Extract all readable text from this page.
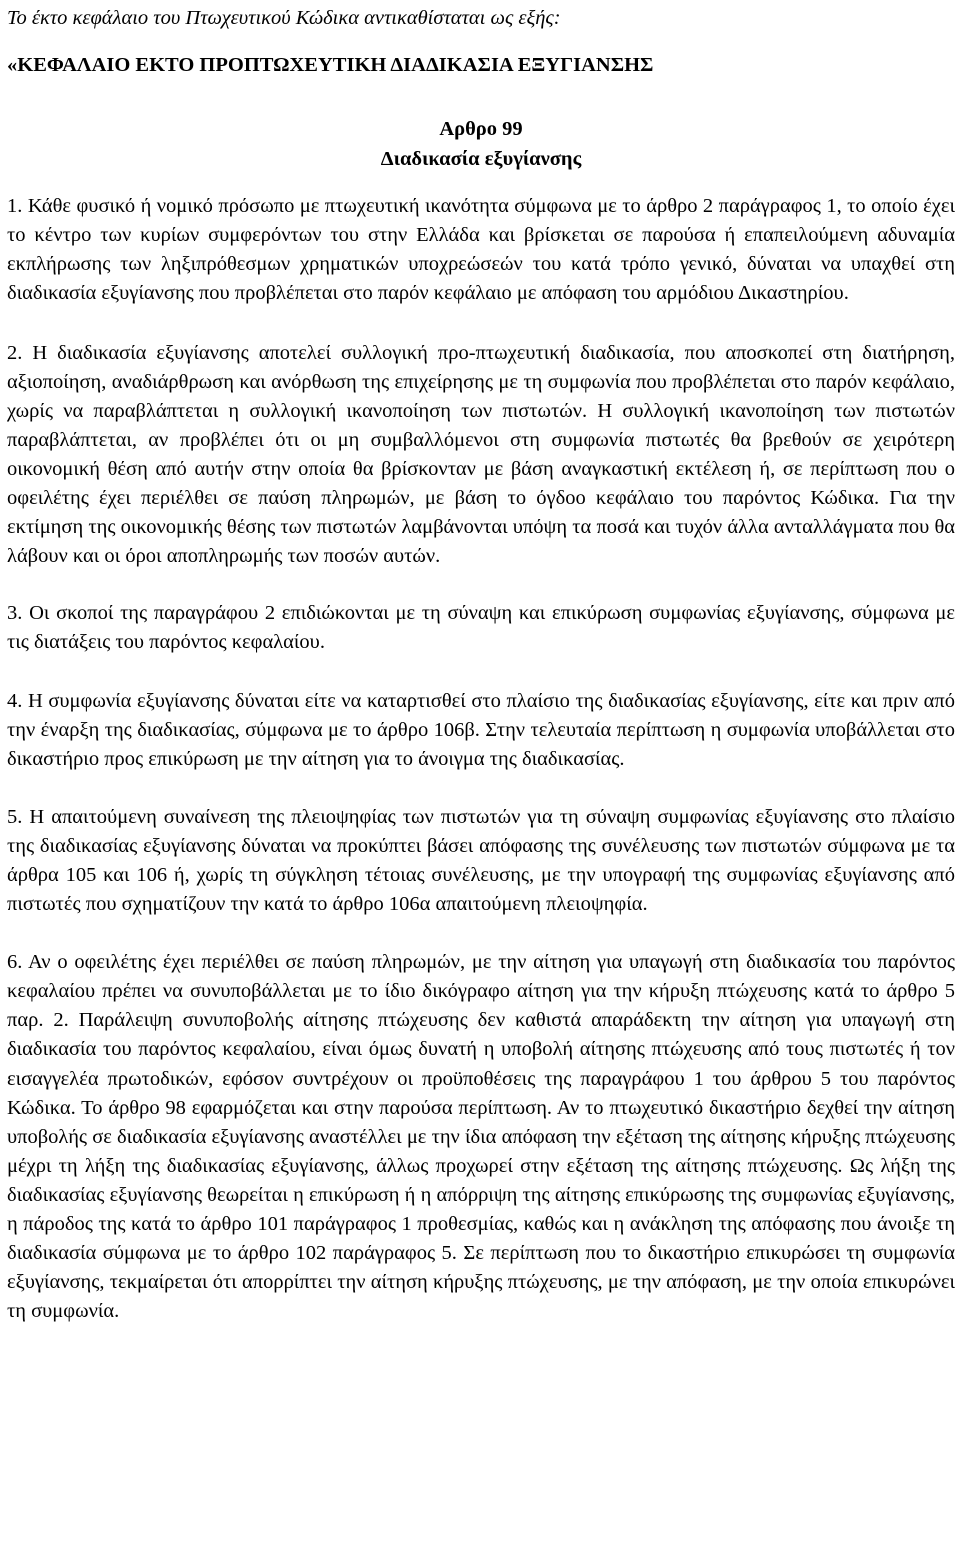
Το έκτο κεφάλαιο του Πτωχευτικού Κώδικα αντικαθίσταται ως εξής:

«ΚΕΦΑΛΑΙΟ ΕΚΤΟ ΠΡΟΠΤΩΧΕΥΤΙΚΗ ΔΙΑΔΙΚΑΣΙΑ ΕΞΥΓΙΑΝΣΗΣ

Αρθρο 99
Διαδικασία εξυγίανσης

1. Κάθε φυσικό ή νομικό πρόσωπο με πτωχευτική ικανότητα σύμφωνα με το άρθρο 2 παράγραφος 1, το οποίο έχει το κέντρο των κυρίων συμφερόντων του στην Ελλάδα και βρίσκεται σε παρούσα ή επαπειλούμενη αδυναμία εκπλήρωσης των ληξιπρόθεσμων χρηματικών υποχρεώσεών του κατά τρόπο γενικό, δύναται να υπαχθεί στη διαδικασία εξυγίανσης που προβλέπεται στο παρόν κεφάλαιο με απόφαση του αρμόδιου Δικαστηρίου.

2. Η διαδικασία εξυγίανσης αποτελεί συλλογική προ-πτωχευτική διαδικασία, που αποσκοπεί στη διατήρηση, αξιοποίηση, αναδιάρθρωση και ανόρθωση της επιχείρησης με τη συμφωνία που προβλέπεται στο παρόν κεφάλαιο, χωρίς να παραβλάπτεται η συλλογική ικανοποίηση των πιστωτών. Η συλλογική ικανοποίηση των πιστωτών παραβλάπτεται, αν προβλέπει ότι οι μη συμβαλλόμενοι στη συμφωνία πιστωτές θα βρεθούν σε χειρότερη οικονομική θέση από αυτήν στην οποία θα βρίσκονταν με βάση αναγκαστική εκτέλεση ή, σε περίπτωση που ο οφειλέτης έχει περιέλθει σε παύση πληρωμών, με βάση το όγδοο κεφάλαιο του παρόντος Κώδικα. Για την εκτίμηση της οικονομικής θέσης των πιστωτών λαμβάνονται υπόψη τα ποσά και τυχόν άλλα ανταλλάγματα που θα λάβουν και οι όροι αποπληρωμής των ποσών αυτών.

3. Οι σκοποί της παραγράφου 2 επιδιώκονται με τη σύναψη και επικύρωση συμφωνίας εξυγίανσης, σύμφωνα με τις διατάξεις του παρόντος κεφαλαίου.

4. Η συμφωνία εξυγίανσης δύναται είτε να καταρτισθεί στο πλαίσιο της διαδικασίας εξυγίανσης, είτε και πριν από την έναρξη της διαδικασίας, σύμφωνα με το άρθρο 106β. Στην τελευταία περίπτωση η συμφωνία υποβάλλεται στο δικαστήριο προς επικύρωση με την αίτηση για το άνοιγμα της διαδικασίας.

5. Η απαιτούμενη συναίνεση της πλειοψηφίας των πιστωτών για τη σύναψη συμφωνίας εξυγίανσης στο πλαίσιο της διαδικασίας εξυγίανσης δύναται να προκύπτει βάσει απόφασης της συνέλευσης των πιστωτών σύμφωνα με τα άρθρα 105 και 106 ή, χωρίς τη σύγκληση τέτοιας συνέλευσης, με την υπογραφή της συμφωνίας εξυγίανσης από πιστωτές που σχηματίζουν την κατά το άρθρο 106α απαιτούμενη πλειοψηφία.

6. Αν ο οφειλέτης έχει περιέλθει σε παύση πληρωμών, με την αίτηση για υπαγωγή στη διαδικασία του παρόντος κεφαλαίου πρέπει να συνυποβάλλεται με το ίδιο δικόγραφο αίτηση για την κήρυξη πτώχευσης κατά το άρθρο 5 παρ. 2. Παράλειψη συνυποβολής αίτησης πτώχευσης δεν καθιστά απαράδεκτη την αίτηση για υπαγωγή στη διαδικασία του παρόντος κεφαλαίου, είναι όμως δυνατή η υποβολή αίτησης πτώχευσης από τους πιστωτές ή τον εισαγγελέα πρωτοδικών, εφόσον συντρέχουν οι προϋποθέσεις της παραγράφου 1 του άρθρου 5 του παρόντος Κώδικα. Το άρθρο 98 εφαρμόζεται και στην παρούσα περίπτωση. Αν το πτωχευτικό δικαστήριο δεχθεί την αίτηση υποβολής σε διαδικασία εξυγίανσης αναστέλλει με την ίδια απόφαση την εξέταση της αίτησης κήρυξης πτώχευσης μέχρι τη λήξη της διαδικασίας εξυγίανσης, άλλως προχωρεί στην εξέταση της αίτησης πτώχευσης. Ως λήξη της διαδικασίας εξυγίανσης θεωρείται η επικύρωση ή η απόρριψη της αίτησης επικύρωσης της συμφωνίας εξυγίανσης, η πάροδος της κατά το άρθρο 101 παράγραφος 1 προθεσμίας, καθώς και η ανάκληση της απόφασης που άνοιξε τη διαδικασία σύμφωνα με το άρθρο 102 παράγραφος 5. Σε περίπτωση που το δικαστήριο επικυρώσει τη συμφωνία εξυγίανσης, τεκμαίρεται ότι απορρίπτει την αίτηση κήρυξης πτώχευσης, με την απόφαση, με την οποία επικυρώνει τη συμφωνία.
